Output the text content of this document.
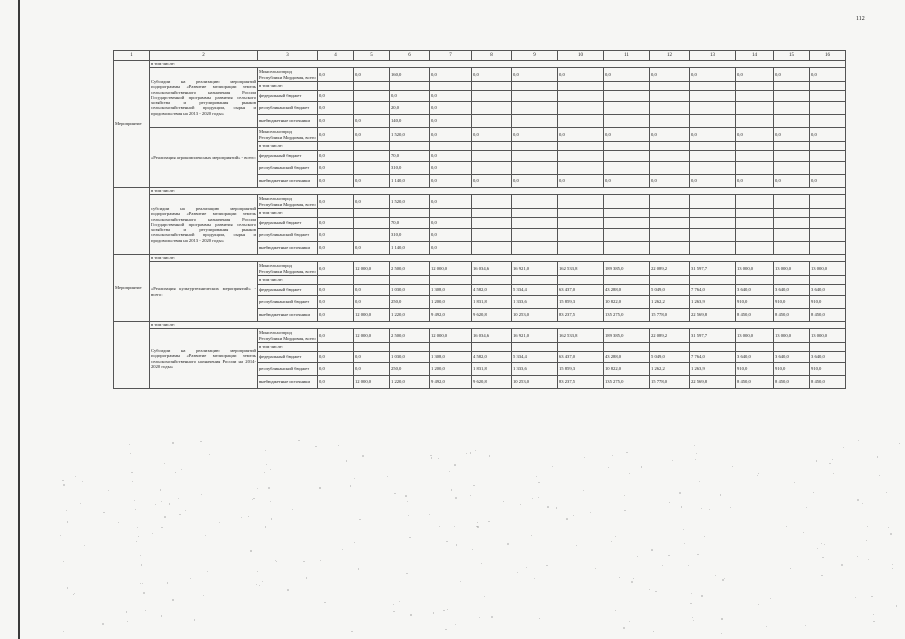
112
1	2	3	4	5	6	7	8	9	10	11	12	13	14	15	16
Мероприятие	в том числе:														
	Субсидии на реализацию мероприятий подпрограммы «Развитие мелиорации земель сельскохозяйственного назначения России Государственной программы развития сельского хозяйства и регулирования рынков сельскохозяйственной продукции, сырья и продовольствия на 2013 - 2020 годы»	Минсельхозпрод Республики Мордовия, всего	0,0	0,0	160,0	0,0	0,0	0,0	0,0	0,0	0,0	0,0	0,0	0,0	0,0
		в том числе:													
		федеральный бюджет	0,0		0,0	0,0									
		республиканский бюджет	0,0		20,0	0,0									
		внебюджетные источники	0,0	0,0	140,0	0,0									
	«Реализация агрокомплексных мероприятий» - всего:	Минсельхозпрод Республики Мордовия, всего	0,0	0,0	1 520,0	0,0	0,0	0,0	0,0	0,0	0,0	0,0	0,0	0,0	0,0
		в том числе:													
		федеральный бюджет	0,0		70,0	0,0									
		республиканский бюджет	0,0		310,0	0,0									
		внебюджетные источники	0,0	0,0	1 140,0	0,0	0,0	0,0	0,0	0,0	0,0	0,0	0,0	0,0	0,0
	в том числе:														
	субсидии на реализацию мероприятий подпрограммы «Развитие мелиорации земель сельскохозяйственного назначения России Государственной программы развития сельского хозяйства и регулирования рынков сельскохозяйственной продукции, сырья и продовольствия на 2013 - 2020 годы»	Минсельхозпрод Республики Мордовия, всего	0,0	0,0	1 520,0	0,0									
		в том числе:													
		федеральный бюджет	0,0		70,0	0,0									
		республиканский бюджет	0,0		310,0	0,0									
		внебюджетные источники	0,0	0,0	1 140,0	0,0									
Мероприятие	в том числе:														
	«Реализация культуртехнических мероприятий» - всего:	Минсельхозпрод Республики Мордовия, всего	0,0	12 000,0	2 500,0	12 000,0	16 034,6	16 921,0	162 533,8	189 385,0	22 089,2	31 597,7	13 000,0	13 000,0	13 000,0
		в том числе:													
		федеральный бюджет	0,0	0,0	1 030,0	1 308,0	4 582,0	5 334,4	63 437,0	43 288,0	5 049,0	7 764,0	3 640,0	3 640,0	3 640,0
		республиканский бюджет	0,0	0,0	250,0	1 200,0	1 831,8	1 333,6	15 859,3	10 822,0	1 262,2	1 263,9	910,0	910,0	910,0
		внебюджетные источники	0,0	12 000,0	1 220,0	9 492,0	9 620,8	10 253,0	83 237,5	135 275,0	15 778,0	22 569,8	8 450,0	8 450,0	8 450,0
	в том числе:														
	Субсидии на реализацию мероприятий подпрограммы «Развитие мелиорации земель сельскохозяйственного назначения России на 2014-2020 годы»	Минсельхозпрод Республики Мордовия, всего	0,0	12 000,0	2 500,0	12 000,0	16 034,6	16 921,0	162 533,8	189 385,0	22 089,2	31 597,7	13 000,0	13 000,0	13 000,0
		в том числе:													
		федеральный бюджет	0,0	0,0	1 030,0	1 308,0	4 582,0	5 334,4	63 437,0	43 288,0	5 049,0	7 764,0	3 640,0	3 640,0	3 640,0
		республиканский бюджет	0,0	0,0	250,0	1 200,0	1 831,8	1 333,6	15 859,3	10 822,0	1 262,2	1 263,9	910,0	910,0	910,0
		внебюджетные источники	0,0	12 000,0	1 220,0	9 492,0	9 620,8	10 253,0	83 237,5	135 275,0	15 778,0	22 569,8	8 450,0	8 450,0	8 450,0
